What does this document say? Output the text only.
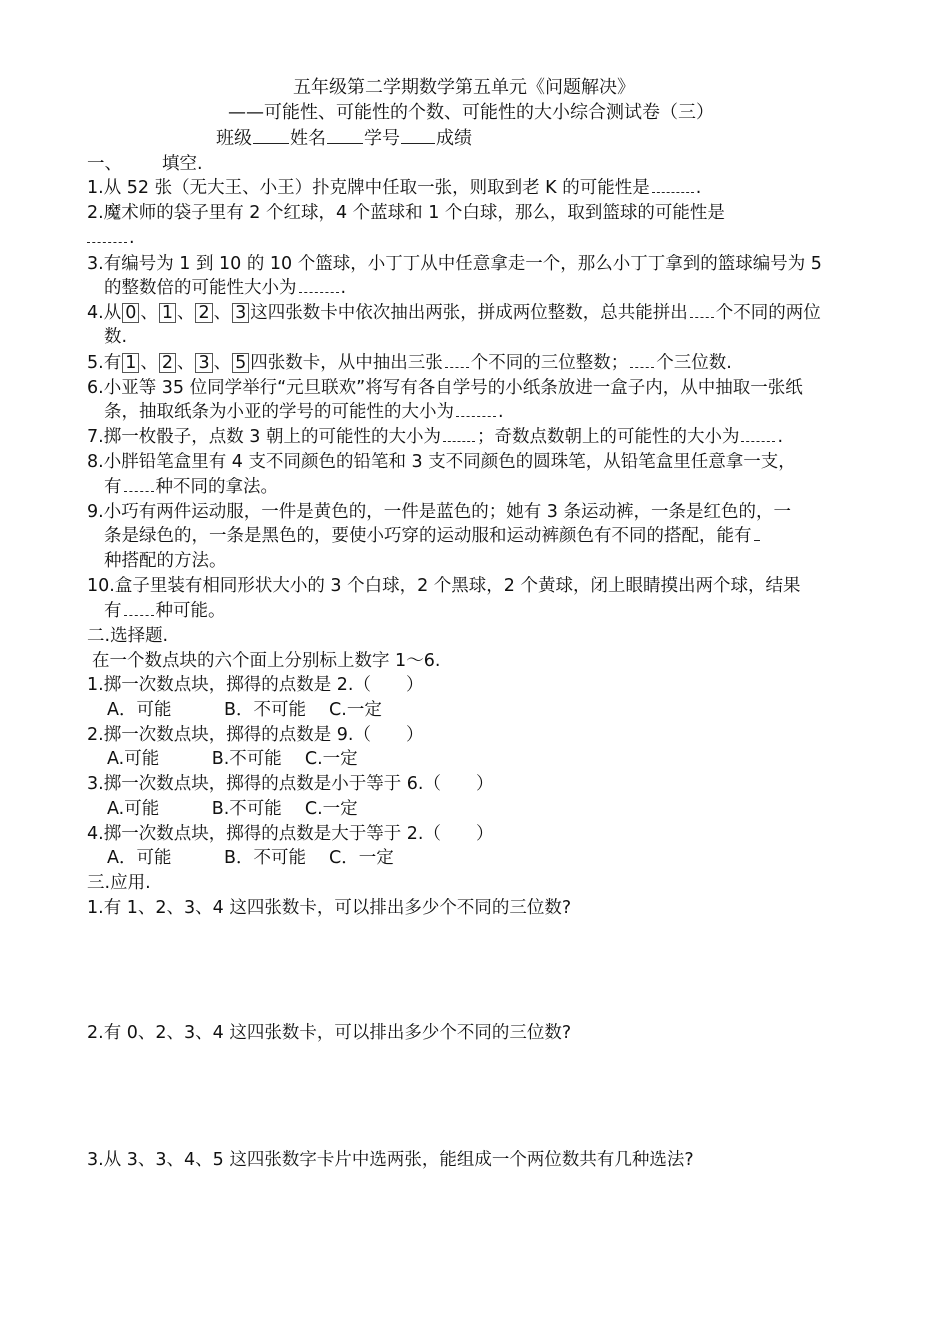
五年级第二学期数学第五单元《问题解决》
——可能性、可能性的个数、可能性的大小综合测试卷（三）
班级 姓名 学号 成绩
一、 填空.
1.从 52 张（无大王、小王）扑克牌中任取一张，则取到老 K 的可能性是	.
2.魔术师的袋子里有 2 个红球，4 个蓝球和 1 个白球，那么，取到篮球的可能性是
.
3.有编号为 1 到 10 的 10 个篮球，小丁丁从中任意拿走一个，那么小丁丁拿到的篮球编号为 5
的整数倍的可能性大小为	.
4.从 0 、 1 、 2 、 3 这四张数卡中依次抽出两张，拼成两位整数，总共能拼出 个不同的两位
数.
5.有 1 、 2 、 3 、 5 四张数卡，从中抽出三张 个不同的三位整数； 个三位数.
6.小亚等 35 位同学举行“元旦联欢”将写有各自学号的小纸条放进一盒子内，从中抽取一张纸
条，抽取纸条为小亚的学号的可能性的大小为	.
7.掷一枚骰子，点数 3 朝上的可能性的大小为 ；奇数点数朝上的可能性的大小为 .
8.小胖铅笔盒里有 4 支不同颜色的铅笔和 3 支不同颜色的圆珠笔，从铅笔盒里任意拿一支，
有 种不同的拿法。
9.小巧有两件运动服，一件是黄色的，一件是蓝色的；她有 3 条运动裤，一条是红色的，一
条是绿色的，一条是黑色的，要使小巧穿的运动服和运动裤颜色有不同的搭配，能有
种搭配的方法。
10.盒子里装有相同形状大小的 3 个白球，2 个黑球，2 个黄球，闭上眼睛摸出两个球，结果
有 种可能。
二.选择题.
在一个数点块的六个面上分别标上数字 1～6.
1.掷一次数点块，掷得的点数是 2.（　　）
A．可能　　　B．不可能　 C.一定
2.掷一次数点块，掷得的点数是 9.（　　）
A.可能　　　B.不可能　 C.一定
3.掷一次数点块，掷得的点数是小于等于 6.（　　）
A.可能　　　B.不可能　 C.一定
4.掷一次数点块，掷得的点数是大于等于 2.（　　）
A．可能　　　B．不可能　 C．一定
三.应用.
1.有 1、2、3、4 这四张数卡，可以排出多少个不同的三位数?
2.有 0、2、3、4 这四张数卡，可以排出多少个不同的三位数?
3.从 3、3、4、5 这四张数字卡片中选两张，能组成一个两位数共有几种选法?
